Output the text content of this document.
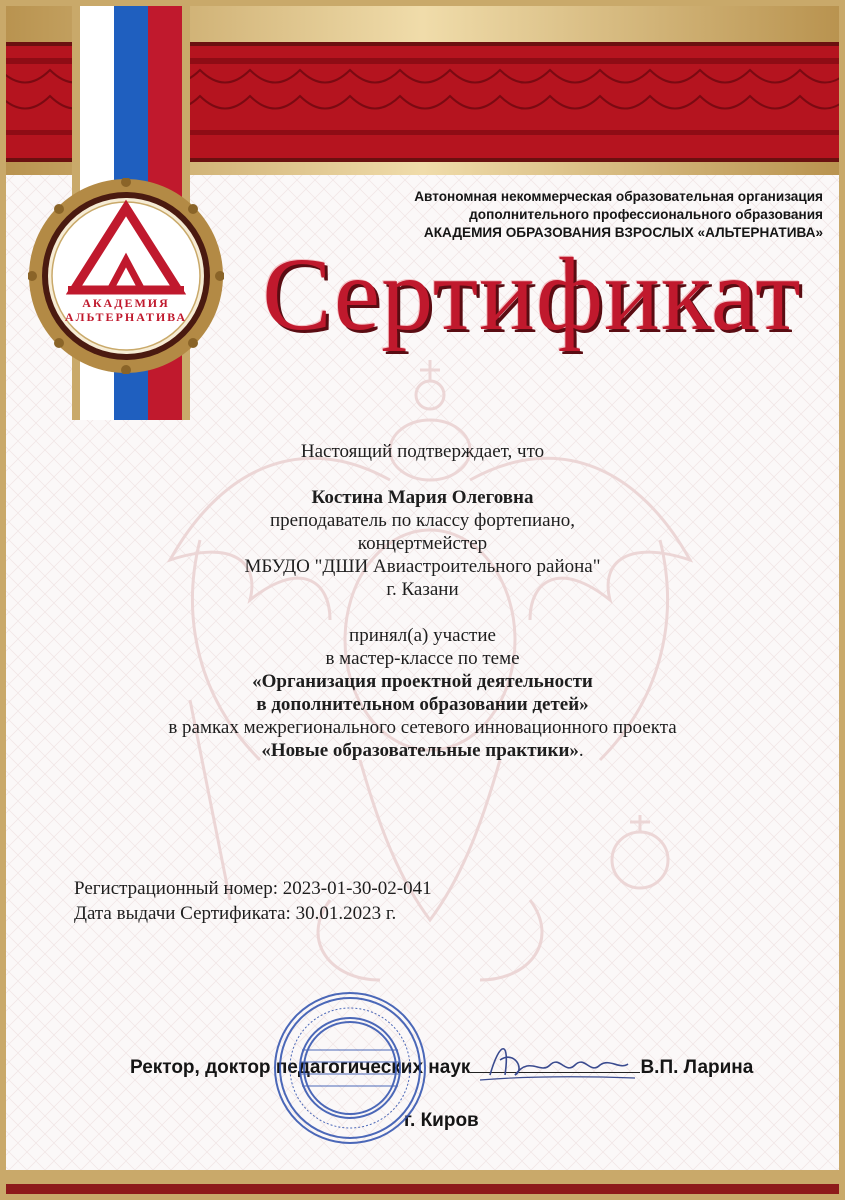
АКАДЕМИЯ
АЛЬТЕРНАТИВА
Автономная некоммерческая образовательная организация
дополнительного профессионального образования
АКАДЕМИЯ ОБРАЗОВАНИЯ ВЗРОСЛЫХ «АЛЬТЕРНАТИВА»
Сертификат
Настоящий подтверждает, что
Костина Мария Олеговна
преподаватель по классу фортепиано,
концертмейстер
МБУДО "ДШИ Авиастроительного района"
г. Казани
принял(а) участие
в мастер-классе по теме
«Организация проектной деятельности
в дополнительном образовании детей»
в рамках межрегионального сетевого инновационного проекта
«Новые образовательные практики».
Регистрационный номер: 2023-01-30-02-041
Дата выдачи Сертификата: 30.01.2023 г.
Ректор, доктор педагогических наук	В.П. Ларина
г. Киров
